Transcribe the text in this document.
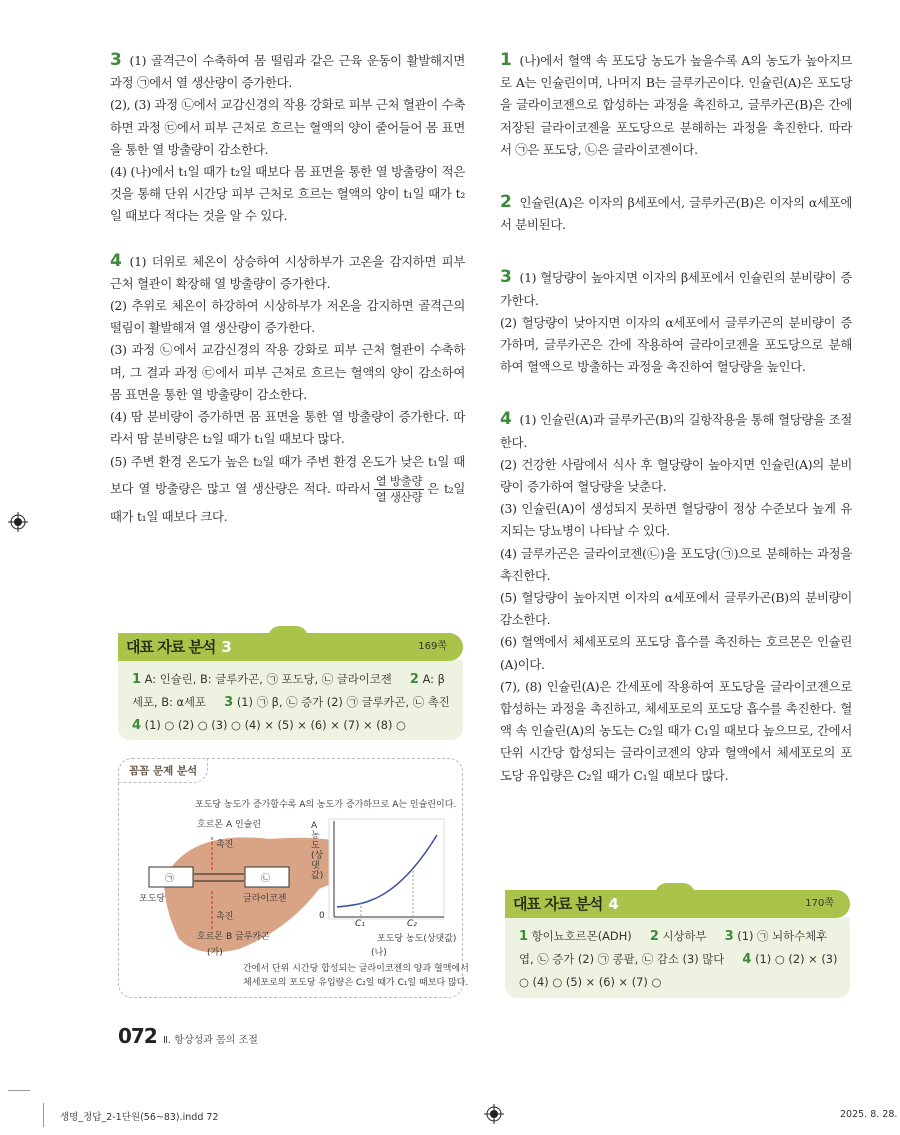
3 (1) 골격근이 수축하여 몸 떨림과 같은 근육 운동이 활발해지면 과정 ㉠에서 열 생산량이 증가한다.

(2), (3) 과정 ㉡에서 교감신경의 작용 강화로 피부 근처 혈관이 수축하면 과정 ㉢에서 피부 근처로 흐르는 혈액의 양이 줄어들어 몸 표면을 통한 열 방출량이 감소한다.

(4) (나)에서 t₁일 때가 t₂일 때보다 몸 표면을 통한 열 방출량이 적은 것을 통해 단위 시간당 피부 근처로 흐르는 혈액의 양이 t₁일 때가 t₂일 때보다 적다는 것을 알 수 있다.

4 (1) 더위로 체온이 상승하여 시상하부가 고온을 감지하면 피부 근처 혈관이 확장해 열 방출량이 증가한다.

(2) 추위로 체온이 하강하여 시상하부가 저온을 감지하면 골격근의 떨림이 활발해져 열 생산량이 증가한다.

(3) 과정 ㉡에서 교감신경의 작용 강화로 피부 근처 혈관이 수축하며, 그 결과 과정 ㉢에서 피부 근처로 흐르는 혈액의 양이 감소하여 몸 표면을 통한 열 방출량이 감소한다.

(4) 땀 분비량이 증가하면 몸 표면을 통한 열 방출량이 증가한다. 따라서 땀 분비량은 t₂일 때가 t₁일 때보다 많다.

(5) 주변 환경 온도가 높은 t₂일 때가 주변 환경 온도가 낮은 t₁일 때보다 열 방출량은 많고 열 생산량은 적다. 따라서 $\frac{\text{열 방출량}}{\text{열 생산량}}$ 은 t₂일 때가 t₁일 때보다 크다.

1 (나)에서 혈액 속 포도당 농도가 높을수록 A의 농도가 높아지므로 A는 인슐린이며, 나머지 B는 글루카곤이다. 인슐린(A)은 포도당을 글라이코젠으로 합성하는 과정을 촉진하고, 글루카곤(B)은 간에 저장된 글라이코젠을 포도당으로 분해하는 과정을 촉진한다. 따라서 ㉠은 포도당, ㉡은 글라이코젠이다.

2 인슐린(A)은 이자의 β세포에서, 글루카곤(B)은 이자의 α세포에서 분비된다.

3 (1) 혈당량이 높아지면 이자의 β세포에서 인슐린의 분비량이 증가한다.

(2) 혈당량이 낮아지면 이자의 α세포에서 글루카곤의 분비량이 증가하며, 글루카곤은 간에 작용하여 글라이코젠을 포도당으로 분해하여 혈액으로 방출하는 과정을 촉진하여 혈당량을 높인다.

4 (1) 인슐린(A)과 글루카곤(B)의 길항작용을 통해 혈당량을 조절한다.

(2) 건강한 사람에서 식사 후 혈당량이 높아지면 인슐린(A)의 분비량이 증가하여 혈당량을 낮춘다.

(3) 인슐린(A)이 생성되지 못하면 혈당량이 정상 수준보다 높게 유지되는 당뇨병이 나타날 수 있다.

(4) 글루카곤은 글라이코젠(㉡)을 포도당(㉠)으로 분해하는 과정을 촉진한다.

(5) 혈당량이 높아지면 이자의 α세포에서 글루카곤(B)의 분비량이 감소한다.

(6) 혈액에서 체세포로의 포도당 흡수를 촉진하는 호르몬은 인슐린(A)이다.

(7), (8) 인슐린(A)은 간세포에 작용하여 포도당을 글라이코젠으로 합성하는 과정을 촉진하고, 체세포로의 포도당 흡수를 촉진한다. 혈액 속 인슐린(A)의 농도는 C₂일 때가 C₁일 때보다 높으므로, 간에서 단위 시간당 합성되는 글라이코젠의 양과 혈액에서 체세포로의 포도당 유입량은 C₂일 때가 C₁일 때보다 많다.

대표 자료 분석 3	169쪽
1 A: 인슐린, B: 글루카곤, ㉠ 포도당, ㉡ 글라이코젠 2 A: β세포, B: α세포 3 (1) ㉠ β, ㉡ 증가 (2) ㉠ 글루카곤, ㉡ 촉진
4 (1) ○ (2) ○ (3) ○ (4) × (5) × (6) × (7) × (8) ○
꼼꼼 문제 분석
포도당 농도가 증가할수록 A의 농도가 증가하므로 A는 인슐린이다.
호르몬 A 인슐린
촉진
㉠	㉡
포도당	글라이코젠
촉진
호르몬 B 글루카곤
(가)
A 농도(상댓값)
0
C₁	C₂
포도당 농도(상댓값)
(나)
간에서 단위 시간당 합성되는 글라이코젠의 양과 혈액에서
체세포로의 포도당 유입량은 C₂일 때가 C₁일 때보다 많다.
대표 자료 분석 4	170쪽
1 항이뇨호르몬(ADH) 2 시상하부 3 (1) ㉠ 뇌하수체후엽, ㉡ 증가 (2) ㉠ 콩팥, ㉡ 감소 (3) 많다 4 (1) ○ (2) × (3) ○ (4) ○ (5) × (6) × (7) ○
072 Ⅱ. 항상성과 몸의 조절
생명_정답_2-1단원(56~83).indd 72	2025. 8. 28.
